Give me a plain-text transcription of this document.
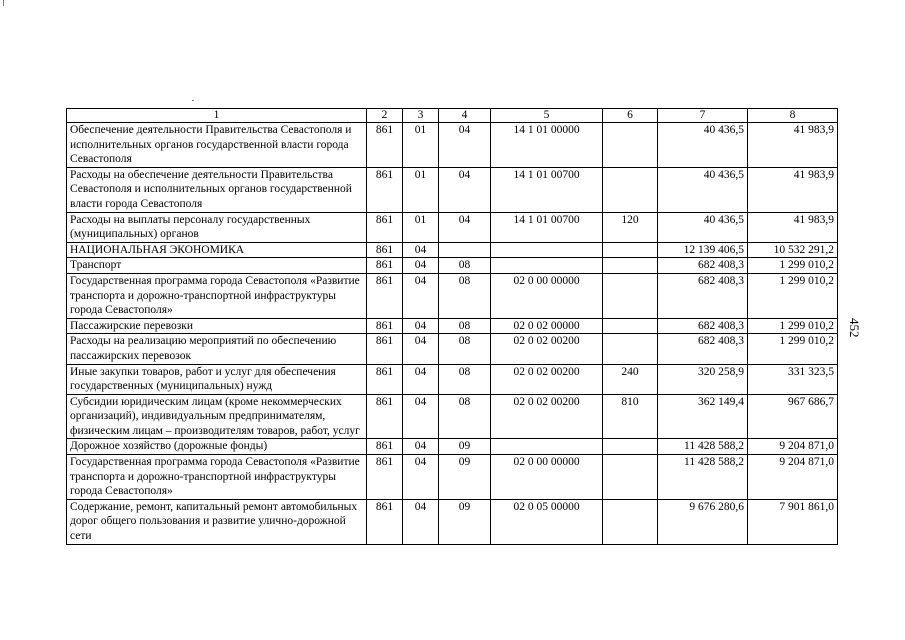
452
1	2	3	4	5	6	7	8
Обеспечение деятельности Правительства Севастополя и исполнительных органов государственной власти города Севастополя	861	01	04	14 1 01 00000		40 436,5	41 983,9
Расходы на обеспечение деятельности Правительства Севастополя и исполнительных органов государственной власти города Севастополя	861	01	04	14 1 01 00700		40 436,5	41 983,9
Расходы на выплаты персоналу государственных (муниципальных) органов	861	01	04	14 1 01 00700	120	40 436,5	41 983,9
НАЦИОНАЛЬНАЯ ЭКОНОМИКА	861	04				12 139 406,5	10 532 291,2
Транспорт	861	04	08			682 408,3	1 299 010,2
Государственная программа города Севастополя «Развитие транспорта и дорожно-транспортной инфраструктуры города Севастополя»	861	04	08	02 0 00 00000		682 408,3	1 299 010,2
Пассажирские перевозки	861	04	08	02 0 02 00000		682 408,3	1 299 010,2
Расходы на реализацию мероприятий по обеспечению пассажирских перевозок	861	04	08	02 0 02 00200		682 408,3	1 299 010,2
Иные закупки товаров, работ и услуг для обеспечения государственных (муниципальных) нужд	861	04	08	02 0 02 00200	240	320 258,9	331 323,5
Субсидии юридическим лицам (кроме некоммерческих организаций), индивидуальным предпринимателям, физическим лицам – производителям товаров, работ, услуг	861	04	08	02 0 02 00200	810	362 149,4	967 686,7
Дорожное хозяйство (дорожные фонды)	861	04	09			11 428 588,2	9 204 871,0
Государственная программа города Севастополя «Развитие транспорта и дорожно-транспортной инфраструктуры города Севастополя»	861	04	09	02 0 00 00000		11 428 588,2	9 204 871,0
Содержание, ремонт, капитальный ремонт автомобильных дорог общего пользования и развитие улично-дорожной сети	861	04	09	02 0 05 00000		9 676 280,6	7 901 861,0
